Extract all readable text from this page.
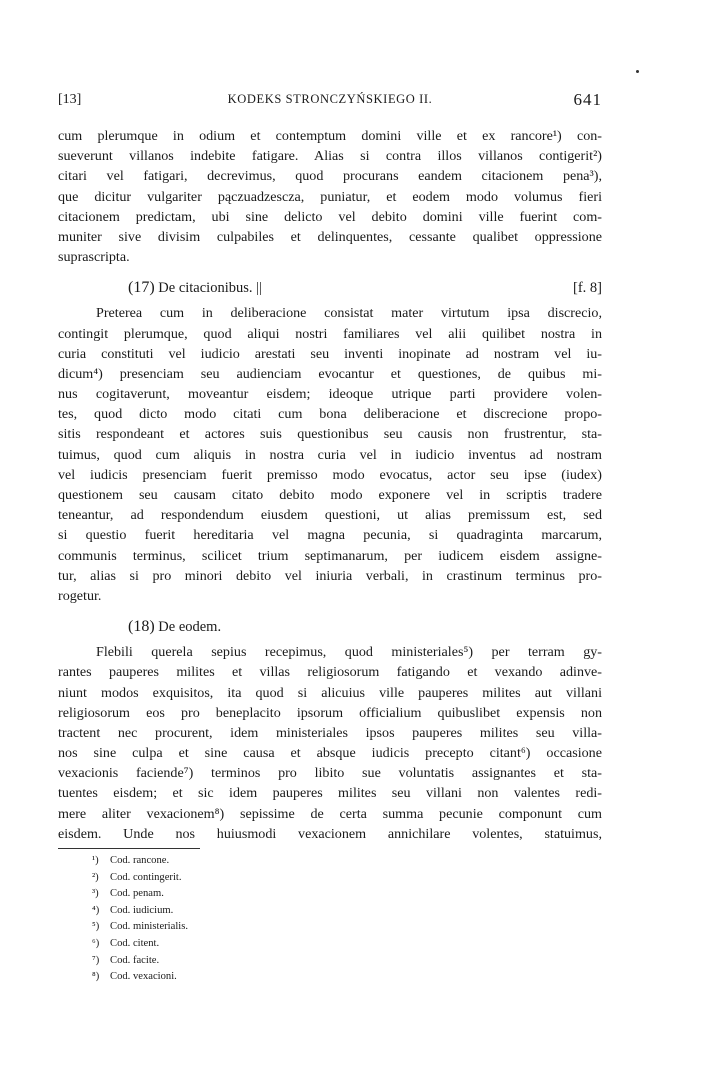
[13]	KODEKS STRONCZYŃSKIEGO II.	641
cum plerumque in odium et contemptum domini ville et ex rancore¹) con-
sueverunt villanos indebite fatigare. Alias si contra illos villanos contigerit²)
citari vel fatigari, decrevimus, quod procurans eandem citacionem pena³),
que dicitur vulgariter pączuadzescza, puniatur, et eodem modo volumus fieri
citacionem predictam, ubi sine delicto vel debito domini ville fuerint com-
muniter sive divisim culpabiles et delinquentes, cessante qualibet oppressione
suprascripta.
(17) De citacionibus. ||	[f. 8]
Preterea cum in deliberacione consistat mater virtutum ipsa discrecio,
contingit plerumque, quod aliqui nostri familiares vel alii quilibet nostra in
curia constituti vel iudicio arestati seu inventi inopinate ad nostram vel iu-
dicum⁴) presenciam seu audienciam evocantur et questiones, de quibus mi-
nus cogitaverunt, moveantur eisdem; ideoque utrique parti providere volen-
tes, quod dicto modo citati cum bona deliberacione et discrecione propo-
sitis respondeant et actores suis questionibus seu causis non frustrentur, sta-
tuimus, quod cum aliquis in nostra curia vel in iudicio inventus ad nostram
vel iudicis presenciam fuerit premisso modo evocatus, actor seu ipse (iudex)
questionem seu causam citato debito modo exponere vel in scriptis tradere
teneantur, ad respondendum eiusdem questioni, ut alias premissum est, sed
si questio fuerit hereditaria vel magna pecunia, si quadraginta marcarum,
communis terminus, scilicet trium septimanarum, per iudicem eisdem assigne-
tur, alias si pro minori debito vel iniuria verbali, in crastinum terminus pro-
rogetur.
(18) De eodem.
Flebili querela sepius recepimus, quod ministeriales⁵) per terram gy-
rantes pauperes milites et villas religiosorum fatigando et vexando adinve-
niunt modos exquisitos, ita quod si alicuius ville pauperes milites aut villani
religiosorum eos pro beneplacito ipsorum officialium quibuslibet expensis non
tractent nec procurent, idem ministeriales ipsos pauperes milites seu villa-
nos sine culpa et sine causa et absque iudicis precepto citant⁶) occasione
vexacionis faciende⁷) terminos pro libito sue voluntatis assignantes et sta-
tuentes eisdem; et sic idem pauperes milites seu villani non valentes redi-
mere aliter vexacionem⁸) sepissime de certa summa pecunie componunt cum
eisdem. Unde nos huiusmodi vexacionem annichilare volentes, statuimus,
¹) Cod. rancone.
²) Cod. contingerit.
³) Cod. penam.
⁴) Cod. iudicium.
⁵) Cod. ministerialis.
⁶) Cod. citent.
⁷) Cod. facite.
⁸) Cod. vexacioni.
